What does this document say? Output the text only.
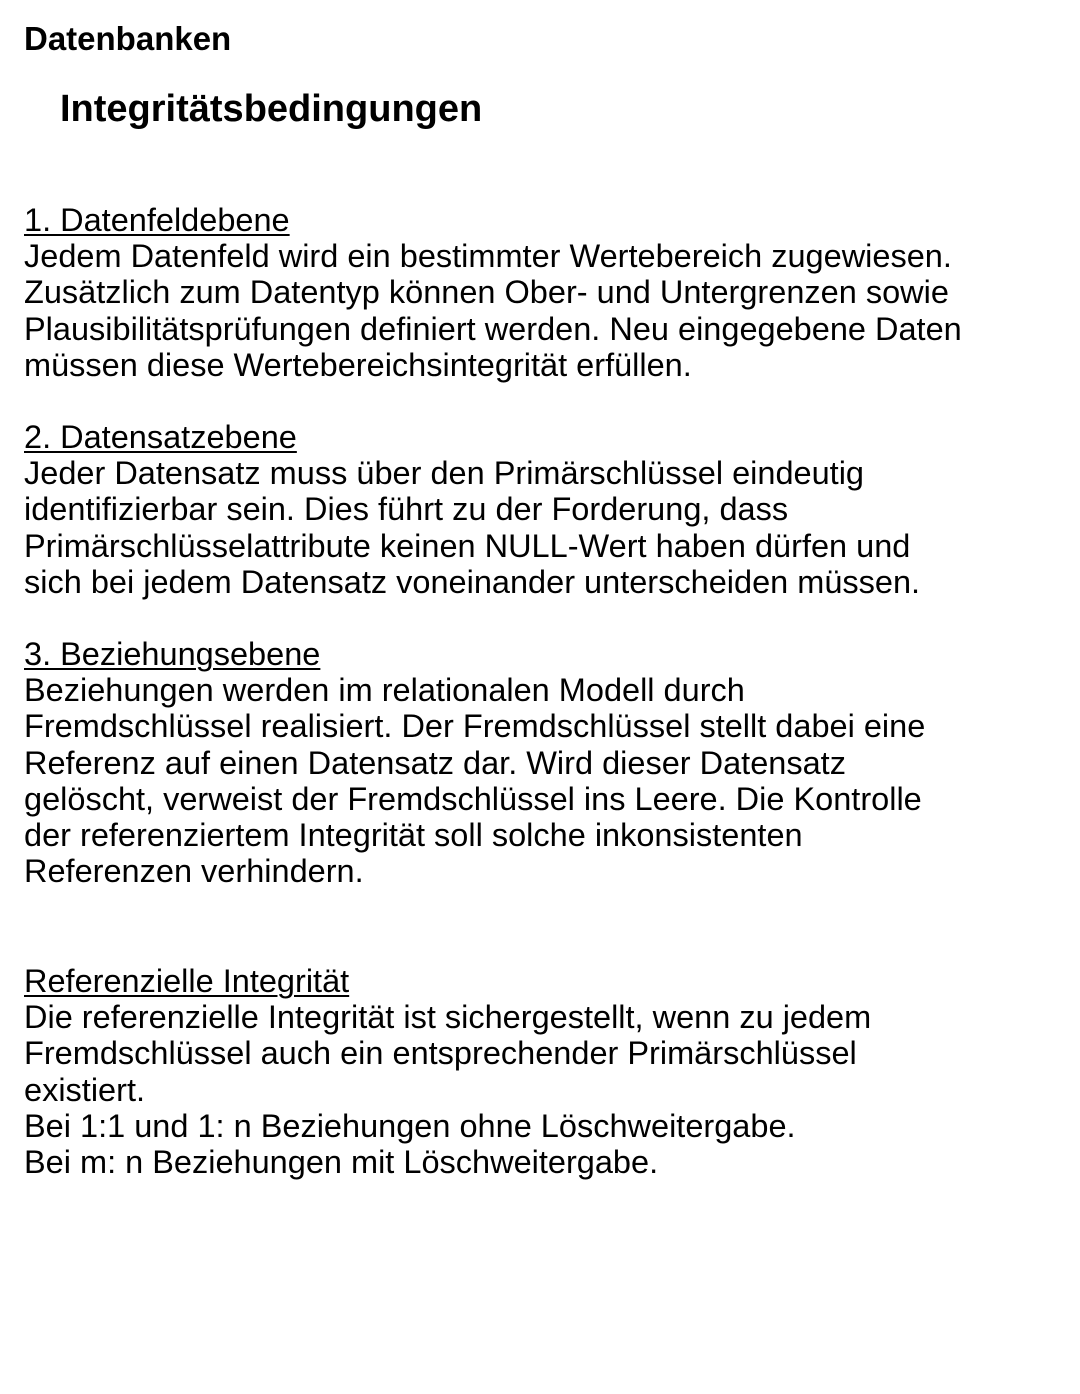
Datenbanken
Integritätsbedingungen
1. Datenfeldebene
Jedem Datenfeld wird ein bestimmter Wertebereich zugewiesen.
Zusätzlich zum Datentyp können Ober- und Untergrenzen sowie
Plausibilitätsprüfungen definiert werden. Neu eingegebene Daten
müssen diese Wertebereichsintegrität erfüllen.
2. Datensatzebene
Jeder Datensatz muss über den Primärschlüssel eindeutig
identifizierbar sein. Dies führt zu der Forderung, dass
Primärschlüsselattribute keinen NULL-Wert haben dürfen und
sich bei jedem Datensatz voneinander unterscheiden müssen.
3. Beziehungsebene
Beziehungen werden im relationalen Modell durch
Fremdschlüssel realisiert. Der Fremdschlüssel stellt dabei eine
Referenz auf einen Datensatz dar. Wird dieser Datensatz
gelöscht, verweist der Fremdschlüssel ins Leere. Die Kontrolle
der referenziertem Integrität soll solche inkonsistenten
Referenzen verhindern.
Referenzielle Integrität
Die referenzielle Integrität ist sichergestellt, wenn zu jedem
Fremdschlüssel auch ein entsprechender Primärschlüssel
existiert.
Bei 1:1 und 1: n Beziehungen ohne Löschweitergabe.
Bei m: n Beziehungen mit Löschweitergabe.
